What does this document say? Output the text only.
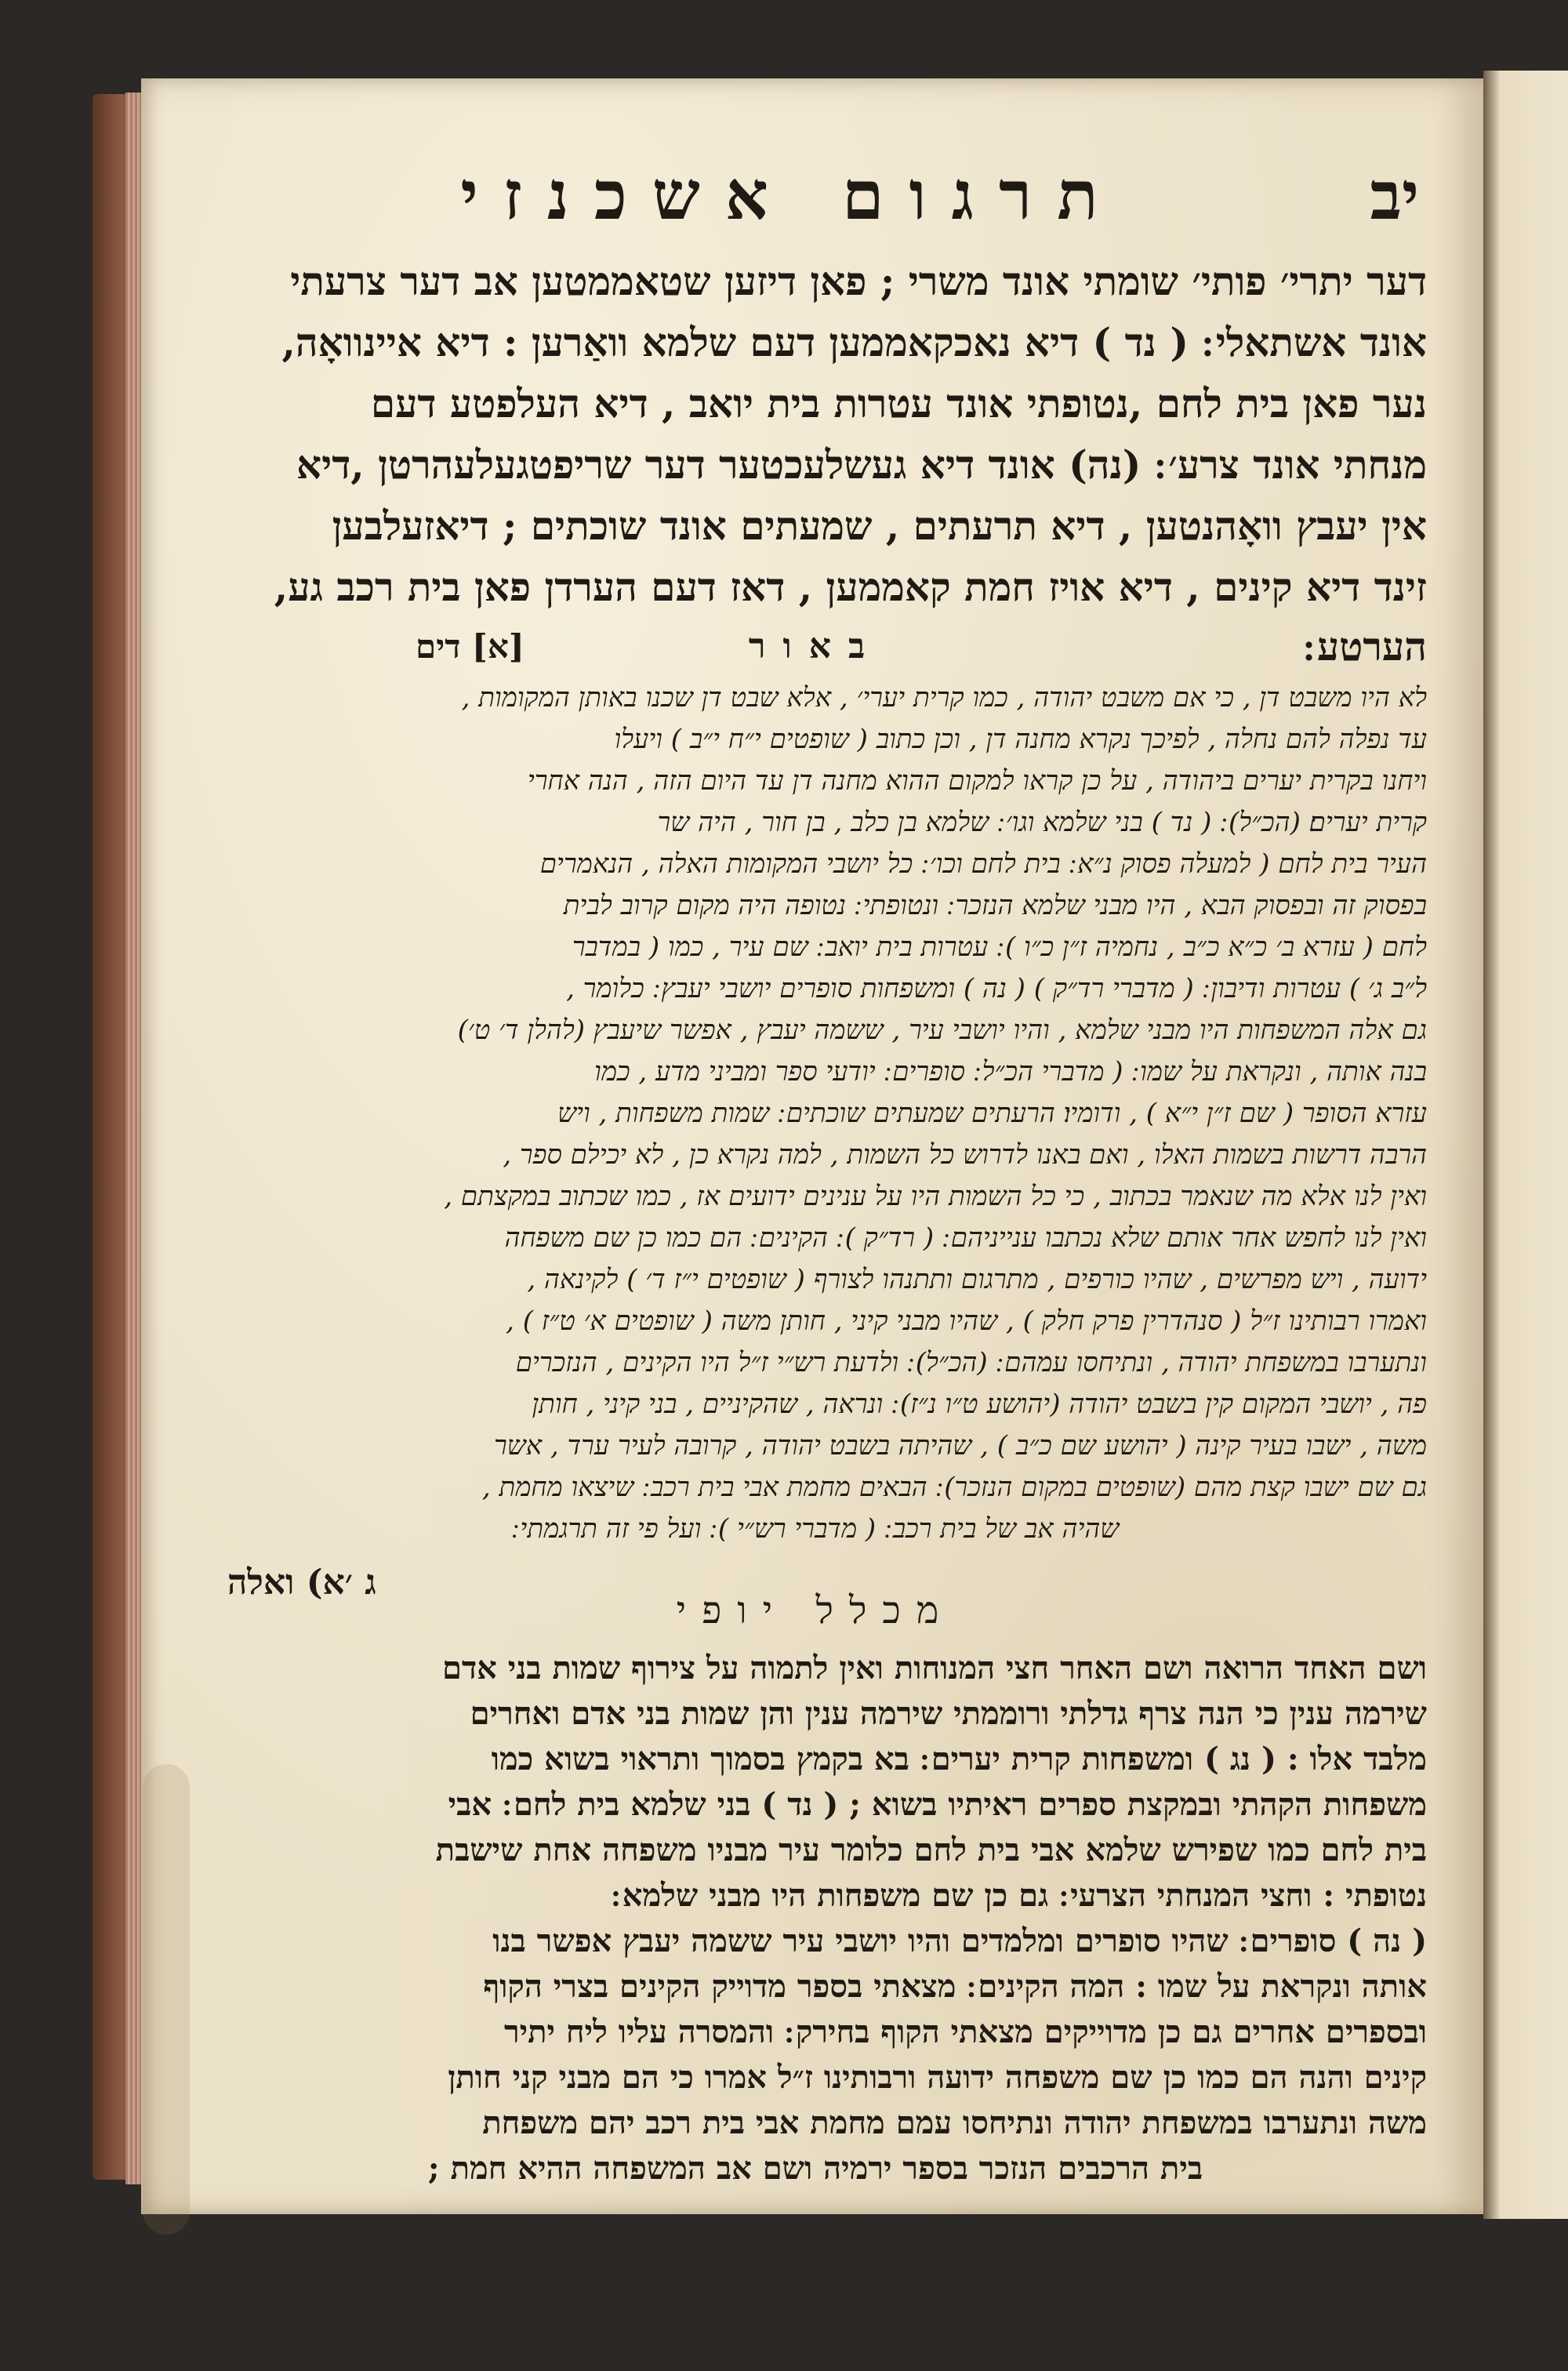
יב
תרגום אשכנזי

דער יתרי׳ פותי׳ שומתי אונד משרי ; פאן דיזען שטאממטען אב דער צרעתי

אונד אשתאלי ׃ ( נד ) דיא נאכקאממען דעם שלמא וואַרען : דיא איינוואָה,

נער פאן בית לחם ,נטופתי אונד עטרות בית יואב , דיא העלפטע דעם

מנחתי אונד צרע׳ ׃ (נה) אונד דיא געשלעכטער דער שריפטגעלעהרטן ,דיא

אין יעבץ וואָהנטען , דיא תרעתים , שמעתים אונד שוכתים ; דיאזעלבען

זינד דיא קינים , דיא אויז חמת קאממען , דאז דעם הערדן פאן בית רכב גע,

הערטע ׃
באור
[א] דים

לא היו משבט דן , כי אם משבט יהודה , כמו קרית יערי׳ , אלא שבט דן שכנו באותן המקומות ,

עד נפלה להם נחלה , לפיכך נקרא מחנה דן , וכן כתוב ( שופטים י״ח י״ב ) ויעלו

ויחנו בקרית יערים ביהודה , על כן קראו למקום ההוא מחנה דן עד היום הזה , הנה אחרי

קרית יערים׃ (הכ״ל) ׃ ( נד ) בני שלמא וגו׳ ׃ שלמא בן כלב , בן חור , היה שר

העיר בית לחם ( למעלה פסוק נ״א ׃ בית לחם וכו׳ ׃ כל יושבי המקומות האלה , הנאמרים

בפסוק זה ובפסוק הבא , היו מבני שלמא הנזכר ׃ ונטופתי ׃ נטופה היה מקום קרוב לבית

לחם ( עזרא ב׳ כ״א כ״ב , נחמיה ז״ן כ״ו ) ׃ עטרות בית יואב ׃ שם עיר , כמו ( במדבר

ל״ב ג׳ ) עטרות ודיבון ׃ ( מדברי רד״ק ) ( נה ) ומשפחות סופרים יושבי יעבץ ׃ כלומר ,

גם אלה המשפחות היו מבני שלמא , והיו יושבי עיר , ששמה יעבץ , אפשר שיעבץ (להלן ד׳ ט׳)

בנה אותה , ונקראת על שמו ׃ ( מדברי הכ״ל ׃ סופרים ׃ יודעי ספר ומביני מדע , כמו

עזרא הסופר ( שם ז״ן י״א ) , ודומיו׃ הרעתים שמעתים שוכתים ׃ שמות משפחות , ויש

הרבה דרשות בשמות האלו , ואם באנו לדרוש כל השמות , למה נקרא כן , לא יכילם ספר ,

ואין לנו אלא מה שנאמר בכתוב , כי כל השמות היו על ענינים ידועים אז , כמו שכתוב במקצתם ,

ואין לנו לחפש אחר אותם שלא נכתבו ענייניהם ׃ ( רד״ק ) ׃ הקינים ׃ הם כמו כן שם משפחה

ידועה , ויש מפרשים , שהיו כורפים , מתרגום ותתנהו לצורף ( שופטים י״ז ד׳ ) לקינאה ,

ואמרו רבותינו ז״ל ( סנהדרין פרק חלק ) , שהיו מבני קיני , חותן משה ( שופטים א׳ ט״ז ) ,

ונתערבו במשפחת יהודה , ונתיחסו עמהם ׃ (הכ״ל) ׃ ולדעת רש״י ז״ל היו הקינים , הנזכרים

פה , יושבי המקום קין בשבט יהודה (יהושע ט״ו נ״ז) ׃ ונראה , שהקיניים , בני קיני , חותן

משה , ישבו בעיר קינה ( יהושע שם כ״ב ) , שהיתה בשבט יהודה , קרובה לעיר ערד , אשר

גם שם ישבו קצת מהם (שופטים במקום הנזכר) ׃ הבאים מחמת אבי בית רכב ׃ שיצאו מחמת ,

שהיה אב של בית רכב ׃ ( מדברי רש״י ) ׃ ועל פי זה תרגמתי ׃

ג ׳א) ואלה
מכלל יופי

ושם האחד הרואה ושם האחר חצי המנוחות ואין לתמוה על צירוף שמות בני אדם

שירמה ענין כי הנה צרף גדלתי ורוממתי שירמה ענין והן שמות בני אדם ואחרים

מלבד אלו : ( נג ) ומשפחות קרית יערים ׃ בא בקמץ בסמוך ותראוי בשוא כמו

משפחות הקהתי ובמקצת ספרים ראיתיו בשוא ; ( נד ) בני שלמא בית לחם ׃ אבי

בית לחם כמו שפירש שלמא אבי בית לחם כלומר עיר מבניו משפחה אחת שישבת

נטופתי : וחצי המנחתי הצרעי ׃ גם כן שם משפחות היו מבני שלמא ׃

( נה ) סופרים ׃ שהיו סופרים ומלמדים והיו יושבי עיר ששמה יעבץ אפשר בנו

אותה ונקראת על שמו : המה הקינים ׃ מצאתי בספר מדוייק הקינים בצרי הקוף

ובספרים אחרים גם כן מדוייקים מצאתי הקוף בחירק ׃ והמסרה עליו ליח יתיר

קינים והנה הם כמו כן שם משפחה ידועה ורבותינו ז״ל אמרו כי הם מבני קני חותן

משה ונתערבו במשפחת יהודה ונתיחסו עמם מחמת אבי בית רכב יהם משפחת

בית הרכבים הנזכר בספר ירמיה ושם אב המשפחה ההיא חמת ;
